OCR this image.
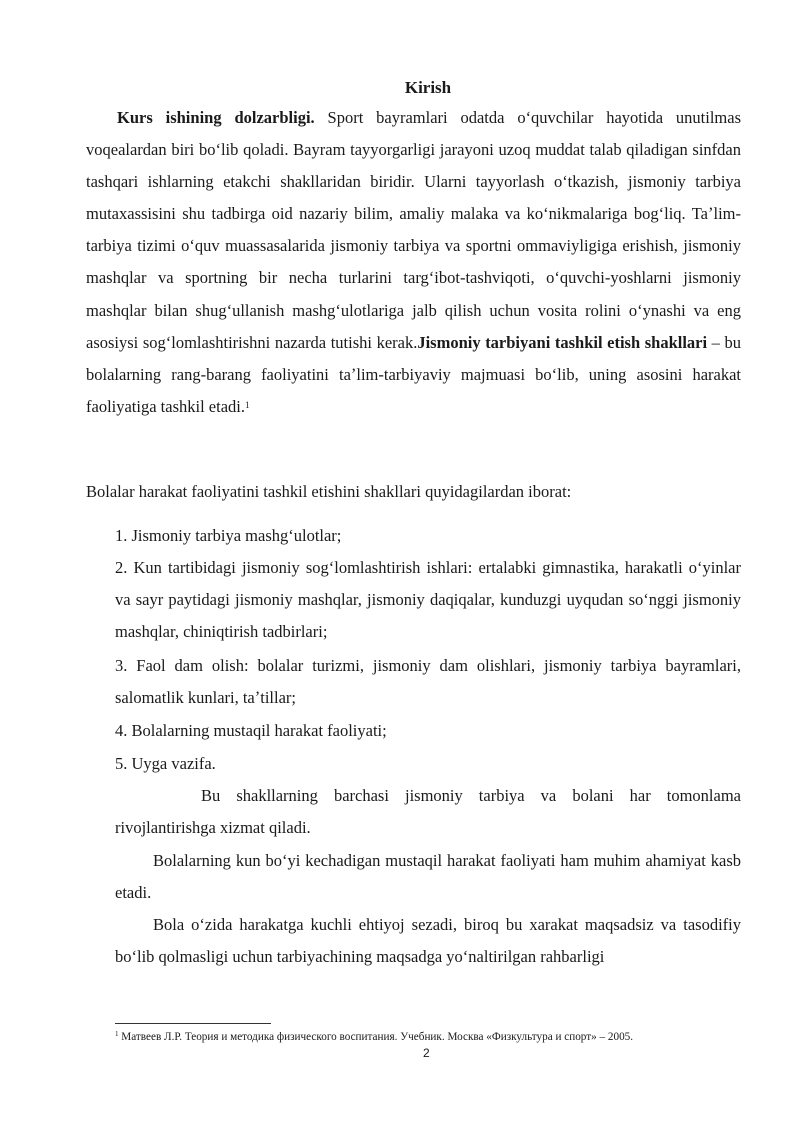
Kirish

Kurs ishining dolzarbligi. Sport bayramlari odatda oʻquvchilar hayotida unutilmas voqealardan biri boʻlib qoladi. Bayram tayyorgarligi jarayoni uzoq muddat talab qiladigan sinfdan tashqari ishlarning etakchi shakllaridan biridir. Ularni tayyorlash oʻtkazish, jismoniy tarbiya mutaxassisini shu tadbirga oid nazariy bilim, amaliy malaka va koʻnikmalariga bogʻliq. Taʼlim-tarbiya tizimi oʻquv muassasalarida jismoniy tarbiya va sportni ommaviyligiga erishish, jismoniy mashqlar va sportning bir necha turlarini targʻibot-tashviqoti, oʻquvchi-yoshlarni jismoniy mashqlar bilan shugʻullanish mashgʻulotlariga jalb qilish uchun vosita rolini oʻynashi va eng asosiysi sogʻlomlashtirishni nazarda tutishi kerak.Jismoniy tarbiyani tashkil etish shakllari – bu bolalarning rang-barang faoliyatini taʼlim-tarbiyaviy majmuasi boʻlib, uning asosini harakat faoliyatiga tashkil etadi.$^1$

Bolalar harakat faoliyatini tashkil etishini shakllari quyidagilardan iborat:

1. Jismoniy tarbiya mashgʻulotlar;

2. Kun tartibidagi jismoniy sogʻlomlashtirish ishlari: ertalabki gimnastika, harakatli oʻyinlar va sayr paytidagi jismoniy mashqlar, jismoniy daqiqalar, kunduzgi uyqudan soʻnggi jismoniy mashqlar, chiniqtirish tadbirlari;

3. Faol dam olish: bolalar turizmi, jismoniy dam olishlari, jismoniy tarbiya bayramlari, salomatlik kunlari, taʼtillar;

4. Bolalarning mustaqil harakat faoliyati;

5. Uyga vazifa.

Bu shakllarning barchasi jismoniy tarbiya va bolani har tomonlama rivojlantirishga xizmat qiladi.

Bolalarning kun boʻyi kechadigan mustaqil harakat faoliyati ham muhim ahamiyat kasb etadi.

Bola oʻzida harakatga kuchli ehtiyoj sezadi, biroq bu xarakat maqsadsiz va tasodifiy boʻlib qolmasligi uchun tarbiyachining maqsadga yoʻnaltirilgan rahbarligi

$^1$ Матвеев Л.Р. Теория и методика физического воспитания. Учебник. Москва «Физкультура и спорт» – 2005.
2
